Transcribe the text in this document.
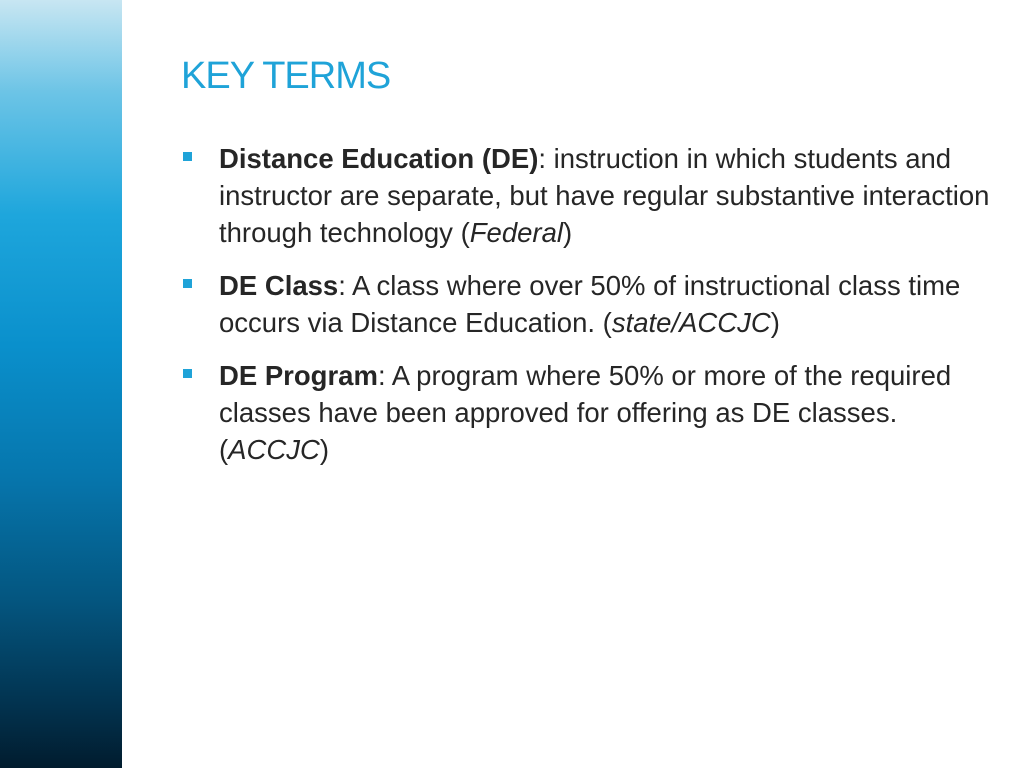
KEY TERMS
Distance Education (DE): instruction in which students and instructor are separate, but have regular substantive interaction through technology (Federal)
DE Class: A class where over 50% of instructional class time occurs via Distance Education. (state/ACCJC)
DE Program: A program where 50% or more of the required classes have been approved for offering as DE classes. (ACCJC)
